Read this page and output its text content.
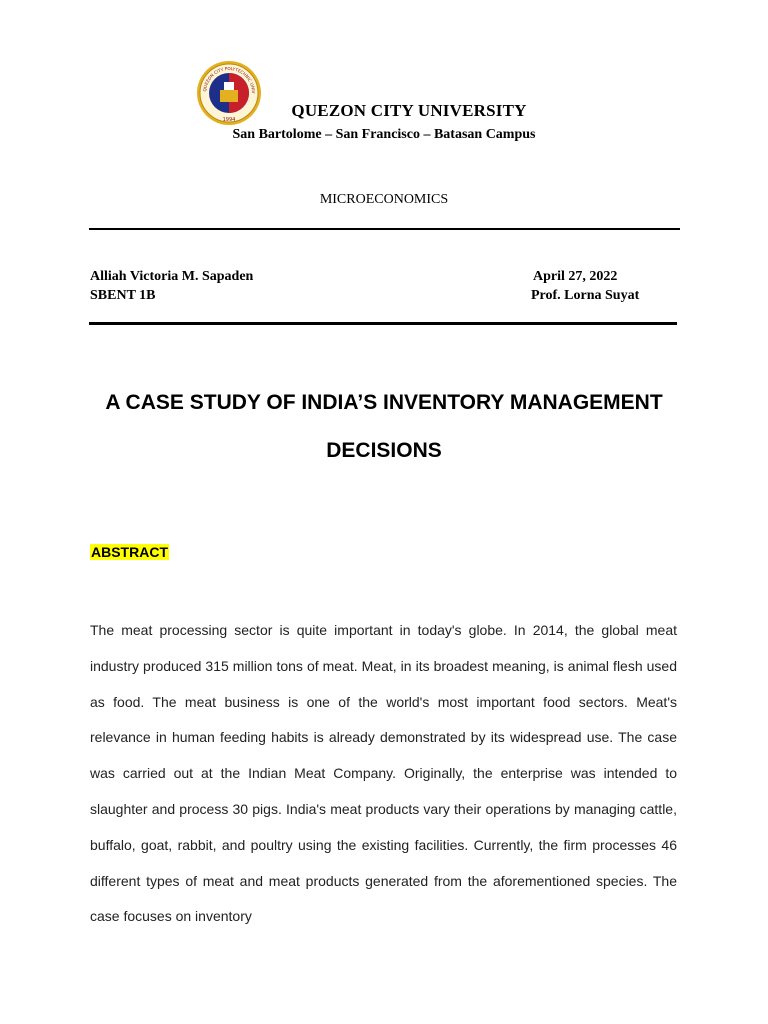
QUEZON CITY POLYTECHNIC UNIV
1994	QUEZON CITY UNIVERSITY
San Bartolome – San Francisco – Batasan Campus
MICROECONOMICS
Alliah Victoria M. Sapaden
SBENT 1B
April 27, 2022
Prof. Lorna Suyat
A CASE STUDY OF INDIA’S INVENTORY MANAGEMENT
DECISIONS
ABSTRACT
The meat processing sector is quite important in today's globe. In 2014, the global meat industry produced 315 million tons of meat. Meat, in its broadest meaning, is animal flesh used as food. The meat business is one of the world's most important food sectors. Meat's relevance in human feeding habits is already demonstrated by its widespread use. The case was carried out at the Indian Meat Company. Originally, the enterprise was intended to slaughter and process 30 pigs. India's meat products vary their operations by managing cattle, buffalo, goat, rabbit, and poultry using the existing facilities. Currently, the firm processes 46 different types of meat and meat products generated from the aforementioned species. The case focuses on inventory
